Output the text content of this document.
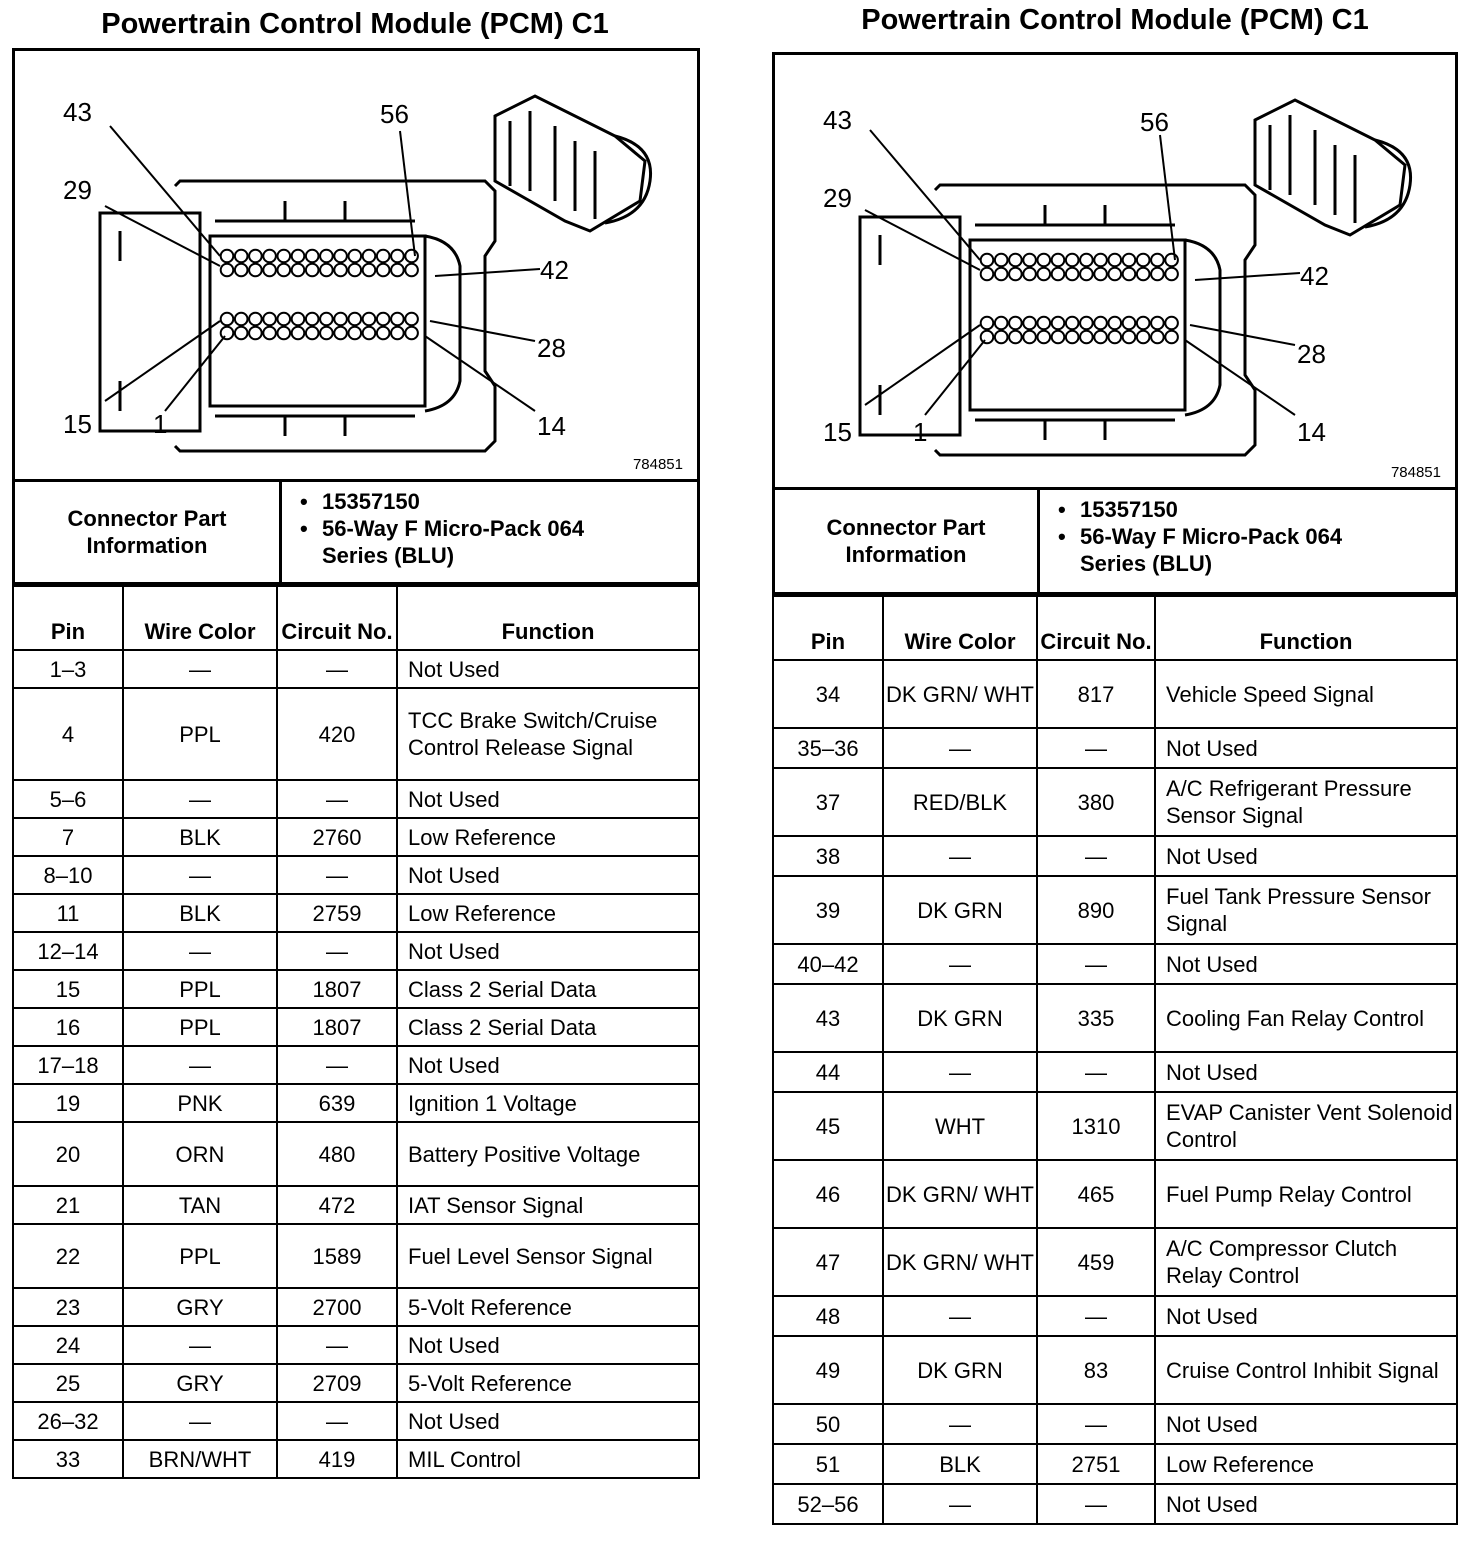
Powertrain Control Module (PCM) C1
43	56
29
42
28
15 1	14
784851
Connector Part Information
• 15357150
• 56-Way F Micro-Pack 064 Series (BLU)
Pin	Wire Color	Circuit No.	Function
1–3	—	—	Not Used
4	PPL	420	TCC Brake Switch/Cruise Control Release Signal
5–6	—	—	Not Used
7	BLK	2760	Low Reference
8–10	—	—	Not Used
11	BLK	2759	Low Reference
12–14	—	—	Not Used
15	PPL	1807	Class 2 Serial Data
16	PPL	1807	Class 2 Serial Data
17–18	—	—	Not Used
19	PNK	639	Ignition 1 Voltage
20	ORN	480	Battery Positive Voltage
21	TAN	472	IAT Sensor Signal
22	PPL	1589	Fuel Level Sensor Signal
23	GRY	2700	5-Volt Reference
24	—	—	Not Used
25	GRY	2709	5-Volt Reference
26–32	—	—	Not Used
33	BRN/WHT	419	MIL Control
Powertrain Control Module (PCM) C1
43	56
29
42
28
15 1	14
784851
Connector Part Information
• 15357150
• 56-Way F Micro-Pack 064 Series (BLU)
Pin	Wire Color	Circuit No.	Function
34	DK GRN/ WHT	817	Vehicle Speed Signal
35–36	—	—	Not Used
37	RED/BLK	380	A/C Refrigerant Pressure Sensor Signal
38	—	—	Not Used
39	DK GRN	890	Fuel Tank Pressure Sensor Signal
40–42	—	—	Not Used
43	DK GRN	335	Cooling Fan Relay Control
44	—	—	Not Used
45	WHT	1310	EVAP Canister Vent Solenoid Control
46	DK GRN/ WHT	465	Fuel Pump Relay Control
47	DK GRN/ WHT	459	A/C Compressor Clutch Relay Control
48	—	—	Not Used
49	DK GRN	83	Cruise Control Inhibit Signal
50	—	—	Not Used
51	BLK	2751	Low Reference
52–56	—	—	Not Used
